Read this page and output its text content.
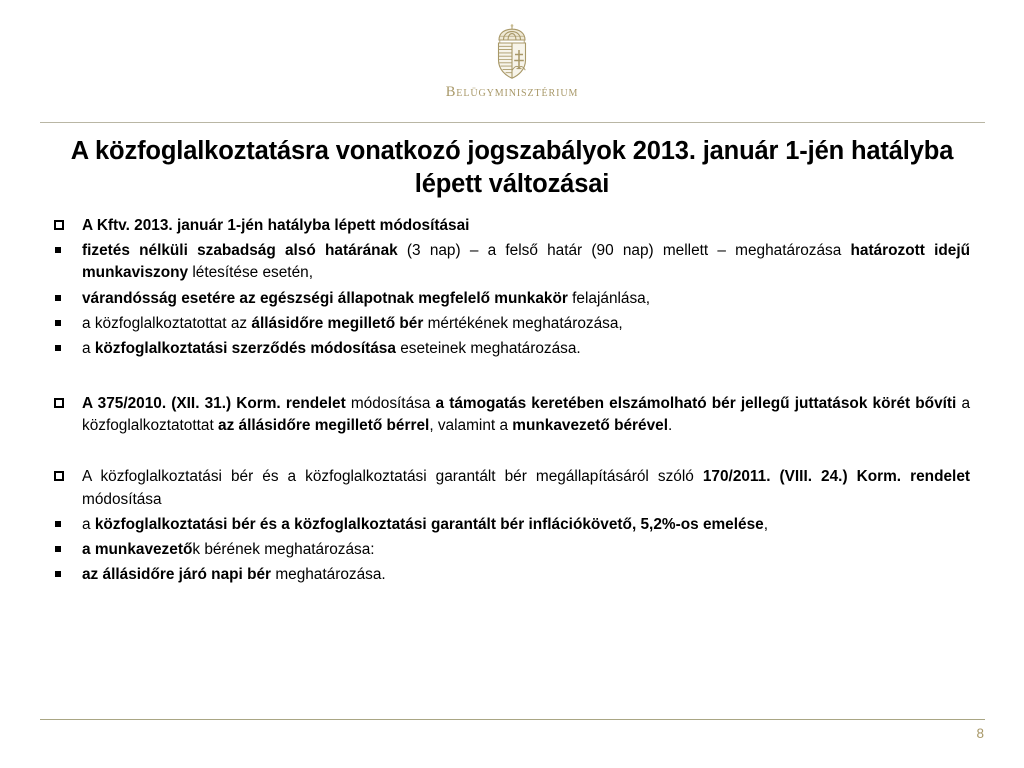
Belügyminisztérium
A közfoglalkoztatásra vonatkozó jogszabályok 2013. január 1-jén hatályba lépett változásai
A Kftv. 2013. január 1-jén hatályba lépett módosításai
fizetés nélküli szabadság alsó határának (3 nap) – a felső határ (90 nap) mellett – meghatározása határozott idejű munkaviszony létesítése esetén,
várandósság esetére az egészségi állapotnak megfelelő munkakör felajánlása,
a közfoglalkoztatottat az állásidőre megillető bér mértékének meghatározása,
a közfoglalkoztatási szerződés módosítása eseteinek meghatározása.
A 375/2010. (XII. 31.) Korm. rendelet módosítása a támogatás keretében elszámolható bér jellegű juttatások körét bővíti a közfoglalkoztatottat az állásidőre megillető bérrel, valamint a munkavezető bérével.
A közfoglalkoztatási bér és a közfoglalkoztatási garantált bér megállapításáról szóló 170/2011. (VIII. 24.) Korm. rendelet módosítása
a közfoglalkoztatási bér és a közfoglalkoztatási garantált bér inflációkövető, 5,2%-os emelése,
a munkavezetők bérének meghatározása:
az állásidőre járó napi bér meghatározása.
8
